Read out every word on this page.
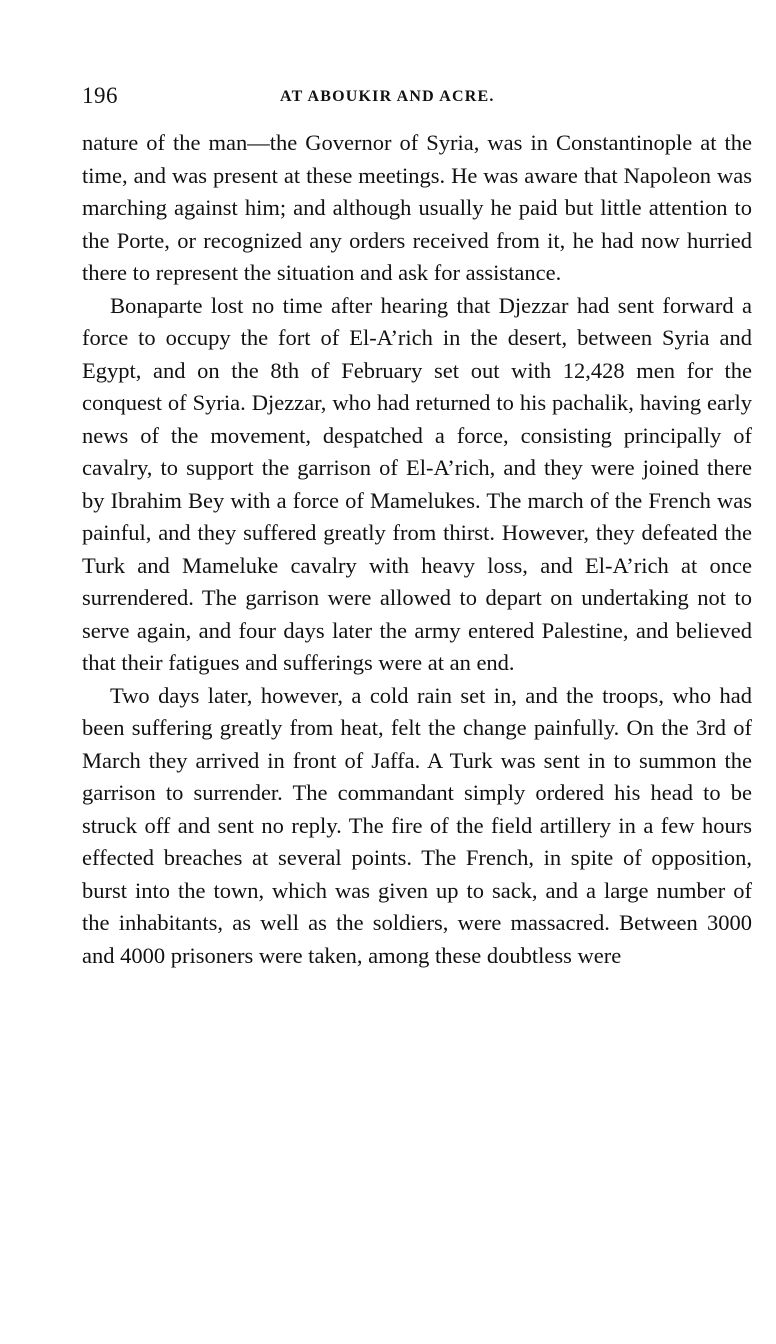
196	AT ABOUKIR AND ACRE.

nature of the man—the Governor of Syria, was in Constantinople at the time, and was present at these meetings. He was aware that Napoleon was marching against him; and although usually he paid but little attention to the Porte, or recognized any orders received from it, he had now hurried there to represent the situation and ask for assistance.

Bonaparte lost no time after hearing that Djezzar had sent forward a force to occupy the fort of El-A’rich in the desert, between Syria and Egypt, and on the 8th of February set out with 12,428 men for the conquest of Syria. Djezzar, who had returned to his pachalik, having early news of the movement, despatched a force, consisting principally of cavalry, to support the garrison of El-A’rich, and they were joined there by Ibrahim Bey with a force of Mamelukes. The march of the French was painful, and they suffered greatly from thirst. However, they defeated the Turk and Mameluke cavalry with heavy loss, and El-A’rich at once surrendered. The garrison were allowed to depart on undertaking not to serve again, and four days later the army entered Palestine, and believed that their fatigues and sufferings were at an end.

Two days later, however, a cold rain set in, and the troops, who had been suffering greatly from heat, felt the change painfully. On the 3rd of March they arrived in front of Jaffa. A Turk was sent in to summon the garrison to surrender. The commandant simply ordered his head to be struck off and sent no reply. The fire of the field artillery in a few hours effected breaches at several points. The French, in spite of opposition, burst into the town, which was given up to sack, and a large number of the inhabitants, as well as the soldiers, were massacred. Between 3000 and 4000 prisoners were taken, among these doubtless were
